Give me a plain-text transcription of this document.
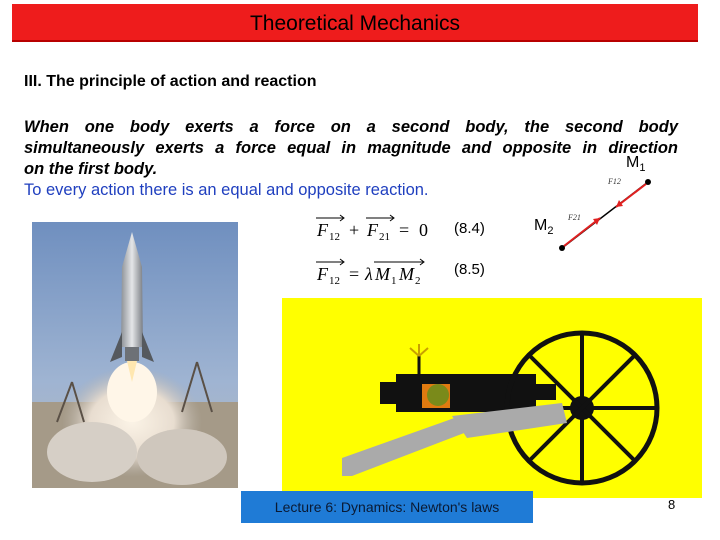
Theoretical Mechanics
III. The principle of action and reaction
When one body exerts a force on a second body, the second body
simultaneously exerts a force equal in magnitude and opposite in direction
on the first body.
To every action there is an equal and opposite reaction.
F 12 + F 21 = 0 (8.4)
F 12 = λ M 1 M 2
(8.5)
F21
F12
$M_1$
$M_2$
Lecture 6: Dynamics: Newton's laws	8
